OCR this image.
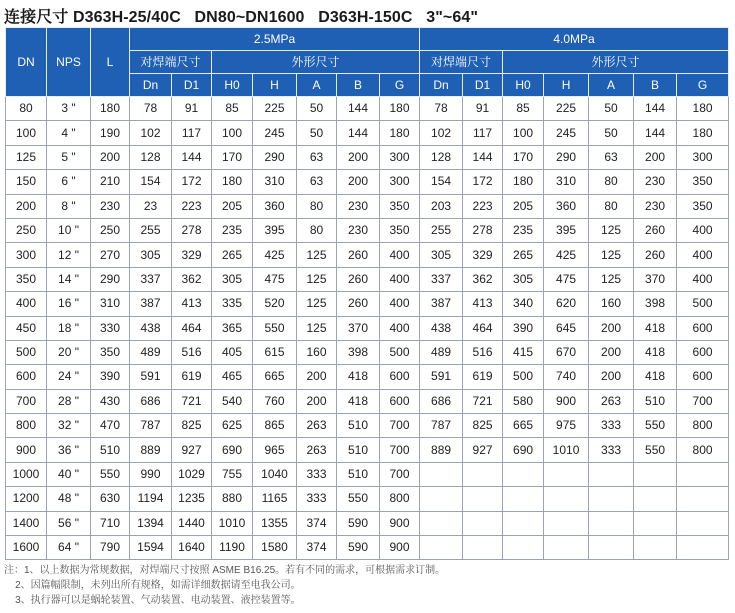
连接尺寸 D363H-25/40C   DN80~DN1600   D363H-150C   3"~64"
DN	NPS	L	2.5MPa							4.0MPa						
			对焊端尺寸		外形尺寸					对焊端尺寸		外形尺寸				
			Dn	D1	H0	H	A	B	G	Dn	D1	H0	H	A	B	G
80	3 "	180	78	91	85	225	50	144	180	78	91	85	225	50	144	180
100	4 "	190	102	117	100	245	50	144	180	102	117	100	245	50	144	180
125	5 "	200	128	144	170	290	63	200	300	128	144	170	290	63	200	300
150	6 "	210	154	172	180	310	63	200	300	154	172	180	310	80	230	350
200	8 "	230	23	223	205	360	80	230	350	203	223	205	360	80	230	350
250	10 "	250	255	278	235	395	80	230	350	255	278	235	395	125	260	400
300	12 "	270	305	329	265	425	125	260	400	305	329	265	425	125	260	400
350	14 "	290	337	362	305	475	125	260	400	337	362	305	475	125	370	400
400	16 "	310	387	413	335	520	125	260	400	387	413	340	620	160	398	500
450	18 "	330	438	464	365	550	125	370	400	438	464	390	645	200	418	600
500	20 "	350	489	516	405	615	160	398	500	489	516	415	670	200	418	600
600	24 "	390	591	619	465	665	200	418	600	591	619	500	740	200	418	600
700	28 "	430	686	721	540	760	200	418	600	686	721	580	900	263	510	700
800	32 "	470	787	825	625	865	263	510	700	787	825	665	975	333	550	800
900	36 "	510	889	927	690	965	263	510	700	889	927	690	1010	333	550	800
1000	40 "	550	990	1029	755	1040	333	510	700							
1200	48 "	630	1194	1235	880	1165	333	550	800							
1400	56 "	710	1394	1440	1010	1355	374	590	900							
1600	64 "	790	1594	1640	1190	1580	374	590	900							
注：1、以上数据为常规数据，对焊端尺寸按照 ASME B16.25。若有不同的需求，可根据需求订制。
2、因篇幅限制，未列出所有规格，如需详细数据请至电我公司。
3、执行器可以是蜗轮装置、气动装置、电动装置、液控装置等。
